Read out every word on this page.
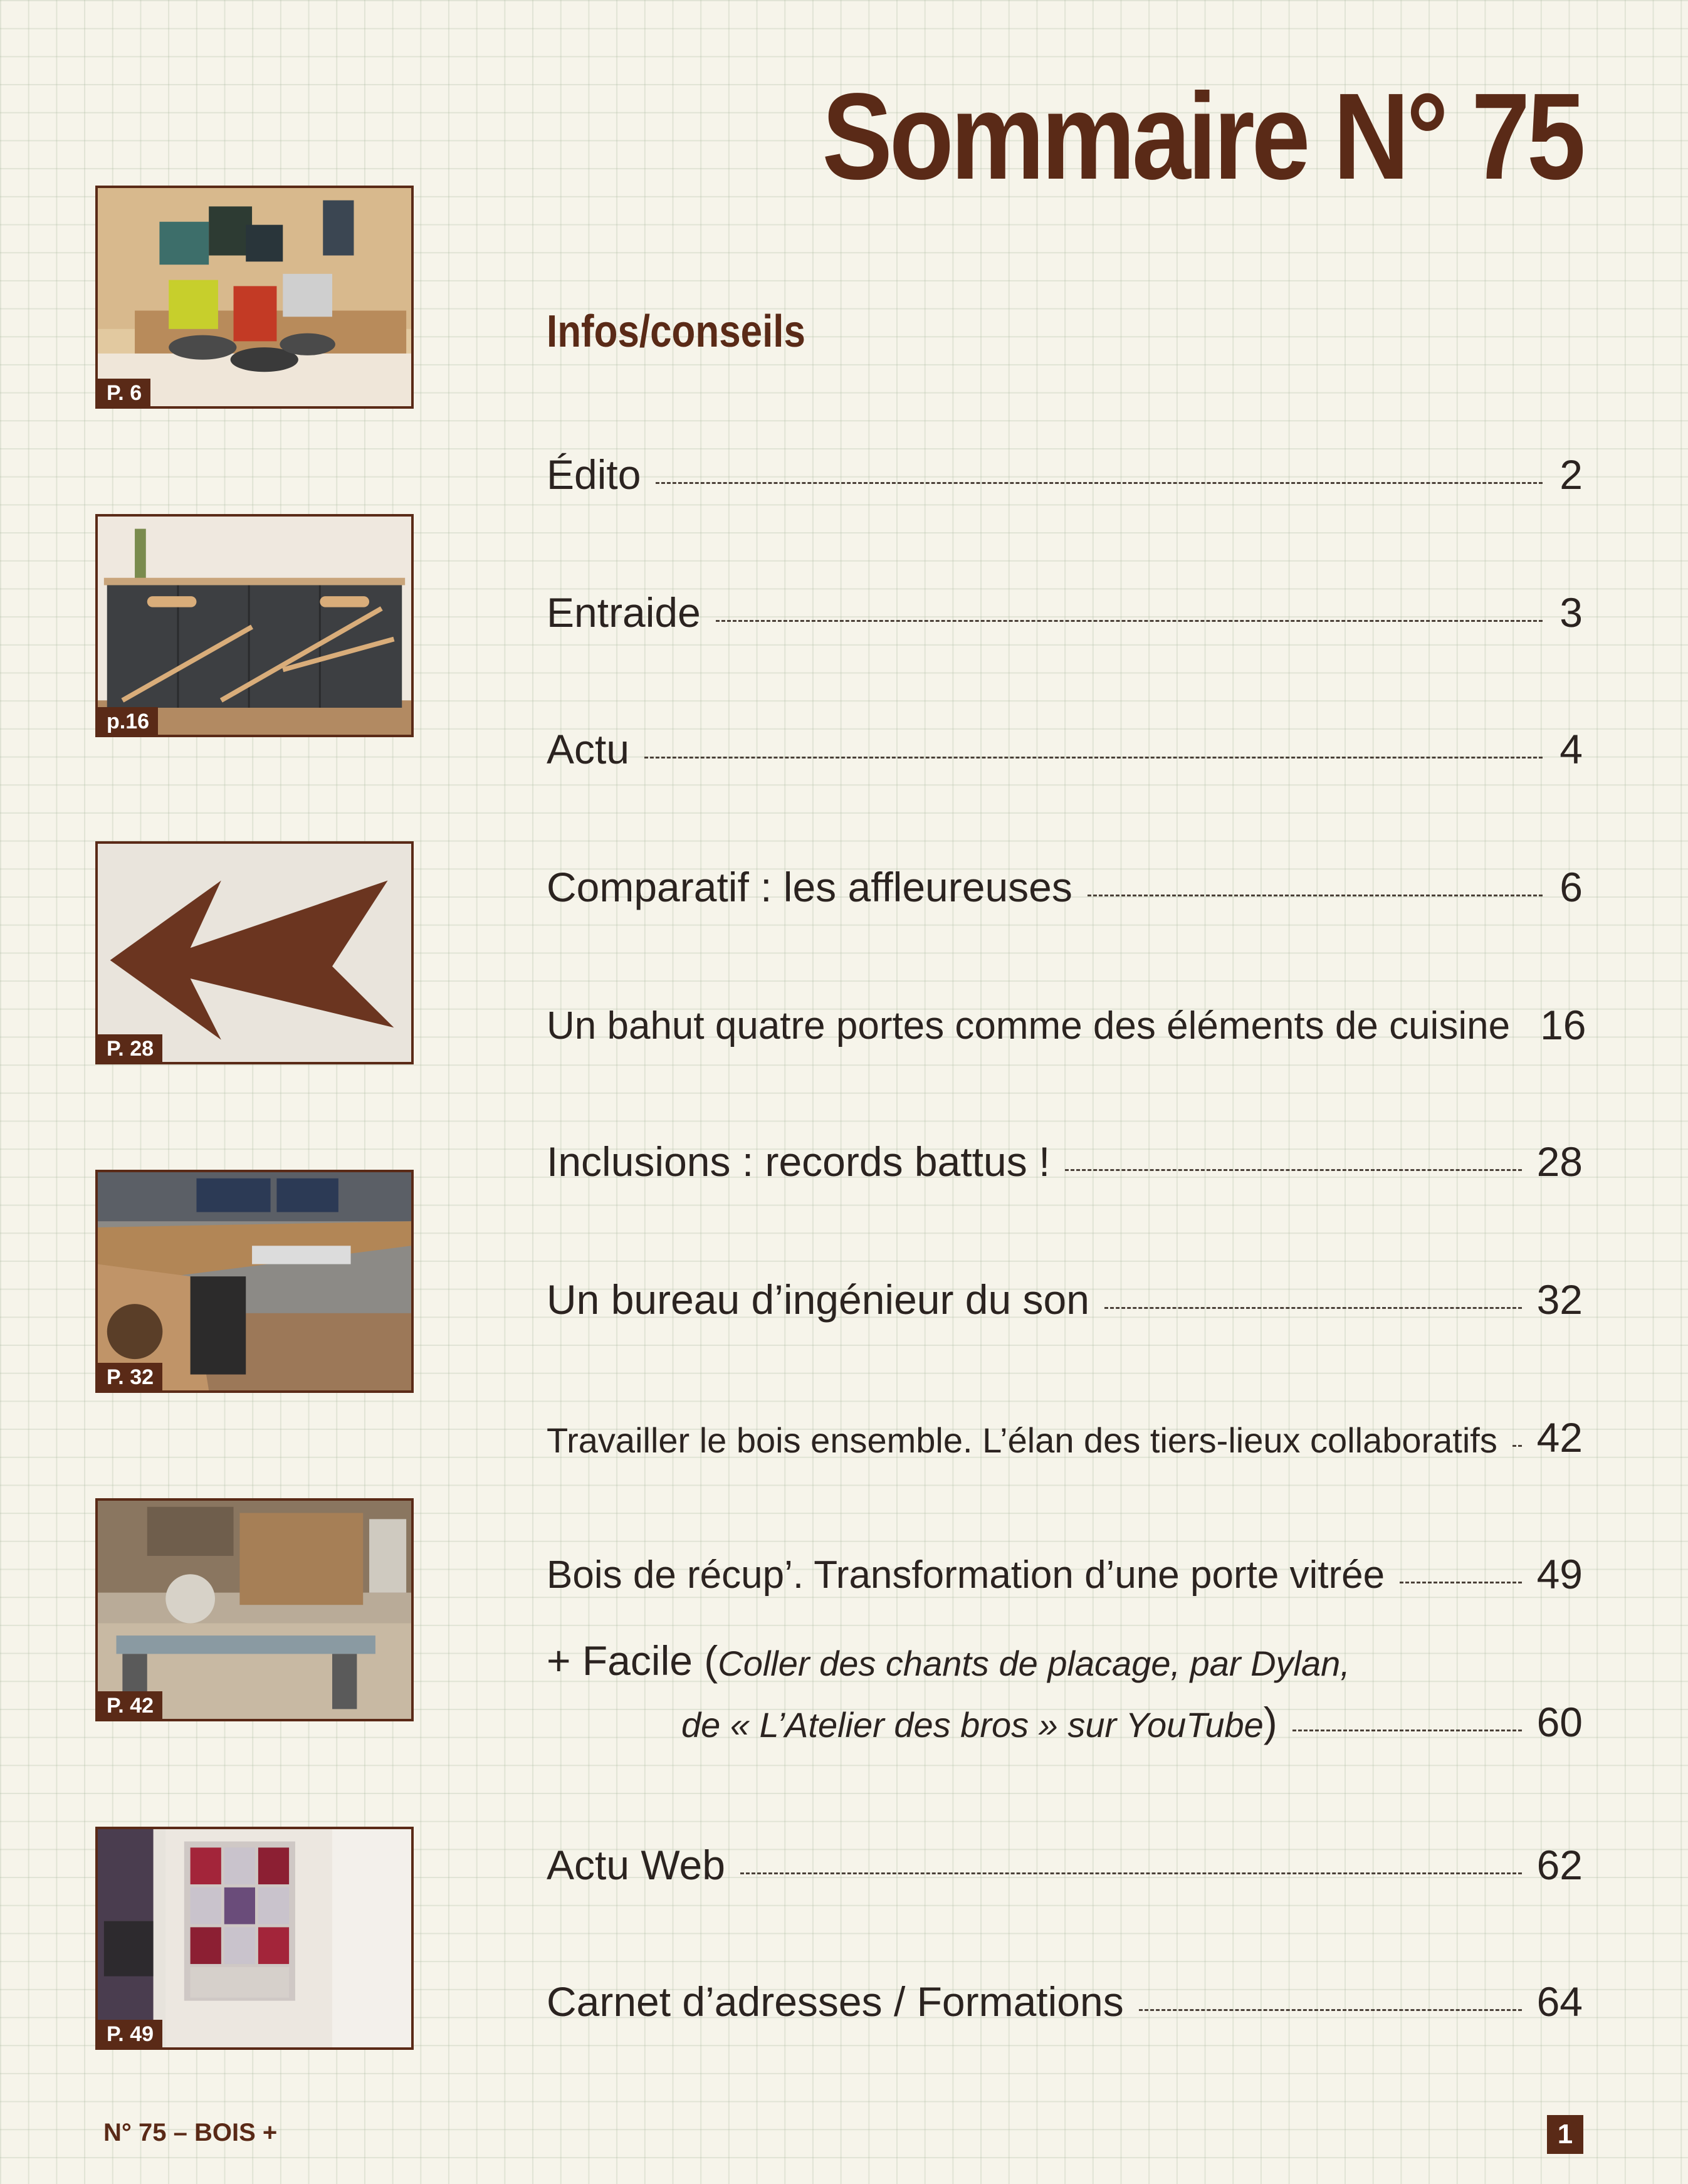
Sommaire N° 75
Infos/conseils
P. 6
p.16
P. 28
P. 32
P. 42
P. 49
Édito	2
Entraide	3
Actu	4
Comparatif : les affleureuses	6
Un bahut quatre portes comme des éléments de cuisine 16
Inclusions : records battus !	28
Un bureau d’ingénieur du son	32
Travailler le bois ensemble. L’élan des tiers-lieux collaboratifs 42
Bois de récup’. Transformation d’une porte vitrée	49
+ Facile ( Coller des chants de placage, par Dylan,
de « L’Atelier des bros » sur YouTube )	60
Actu Web	62
Carnet d’adresses / Formations	64
N° 75 – BOIS +	1
